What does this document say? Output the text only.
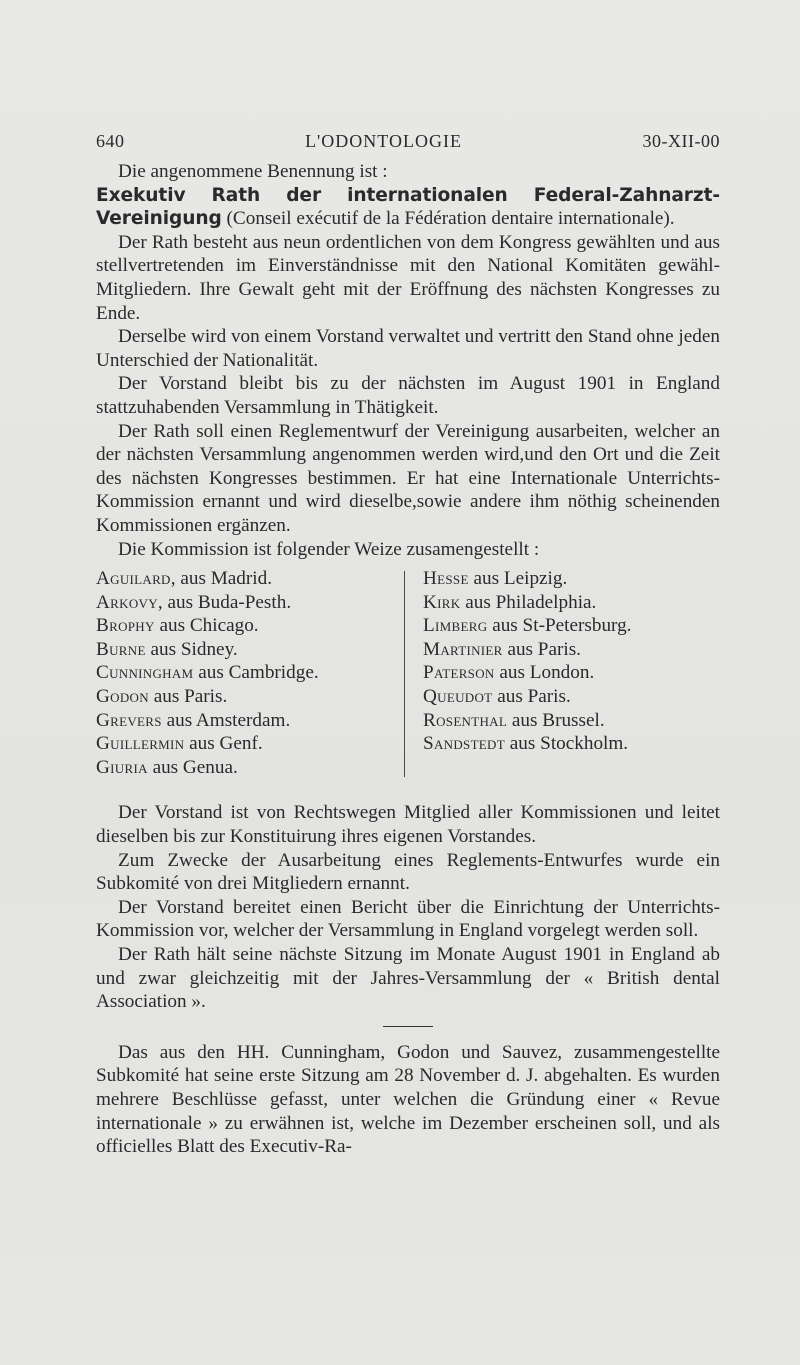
640	L'ODONTOLOGIE	30-XII-00

Die angenommene Benennung ist :

Exekutiv Rath der internationalen Federal-Zahnarzt-Vereinigung (Conseil exécutif de la Fédération dentaire internationale).

Der Rath besteht aus neun ordentlichen von dem Kongress gewählten und aus stellvertretenden im Einverständnisse mit den National Komitäten gewähl-Mitgliedern. Ihre Gewalt geht mit der Eröffnung des nächsten Kongresses zu Ende.

Derselbe wird von einem Vorstand verwaltet und vertritt den Stand ohne jeden Unterschied der Nationalität.

Der Vorstand bleibt bis zu der nächsten im August 1901 in England stattzuhabenden Versammlung in Thätigkeit.

Der Rath soll einen Reglementwurf der Vereinigung ausarbeiten, welcher an der nächsten Versammlung angenommen werden wird,und den Ort und die Zeit des nächsten Kongresses bestimmen. Er hat eine Internationale Unterrichts-Kommission ernannt und wird dieselbe,sowie andere ihm nöthig scheinenden Kommissionen ergänzen.

Die Kommission ist folgender Weize zusamengestellt :

Aguilard, aus Madrid.
Arkovy, aus Buda-Pesth.
Brophy aus Chicago.
Burne aus Sidney.
Cunningham aus Cambridge.
Godon aus Paris.
Grevers aus Amsterdam.
Guillermin aus Genf.
Giuria aus Genua.
Hesse aus Leipzig.
Kirk aus Philadelphia.
Limberg aus St-Petersburg.
Martinier aus Paris.
Paterson aus London.
Queudot aus Paris.
Rosenthal aus Brussel.
Sandstedt aus Stockholm.

Der Vorstand ist von Rechtswegen Mitglied aller Kommissionen und leitet dieselben bis zur Konstituirung ihres eigenen Vorstandes.

Zum Zwecke der Ausarbeitung eines Reglements-Entwurfes wurde ein Subkomité von drei Mitgliedern ernannt.

Der Vorstand bereitet einen Bericht über die Einrichtung der Unterrichts-Kommission vor, welcher der Versammlung in England vorgelegt werden soll.

Der Rath hält seine nächste Sitzung im Monate August 1901 in England ab und zwar gleichzeitig mit der Jahres-Versammlung der « British dental Association ».

Das aus den HH. Cunningham, Godon und Sauvez, zusammengestellte Subkomité hat seine erste Sitzung am 28 November d. J. abgehalten. Es wurden mehrere Beschlüsse gefasst, unter welchen die Gründung einer « Revue internationale » zu erwähnen ist, welche im Dezember erscheinen soll, und als officielles Blatt des Executiv-Ra-
